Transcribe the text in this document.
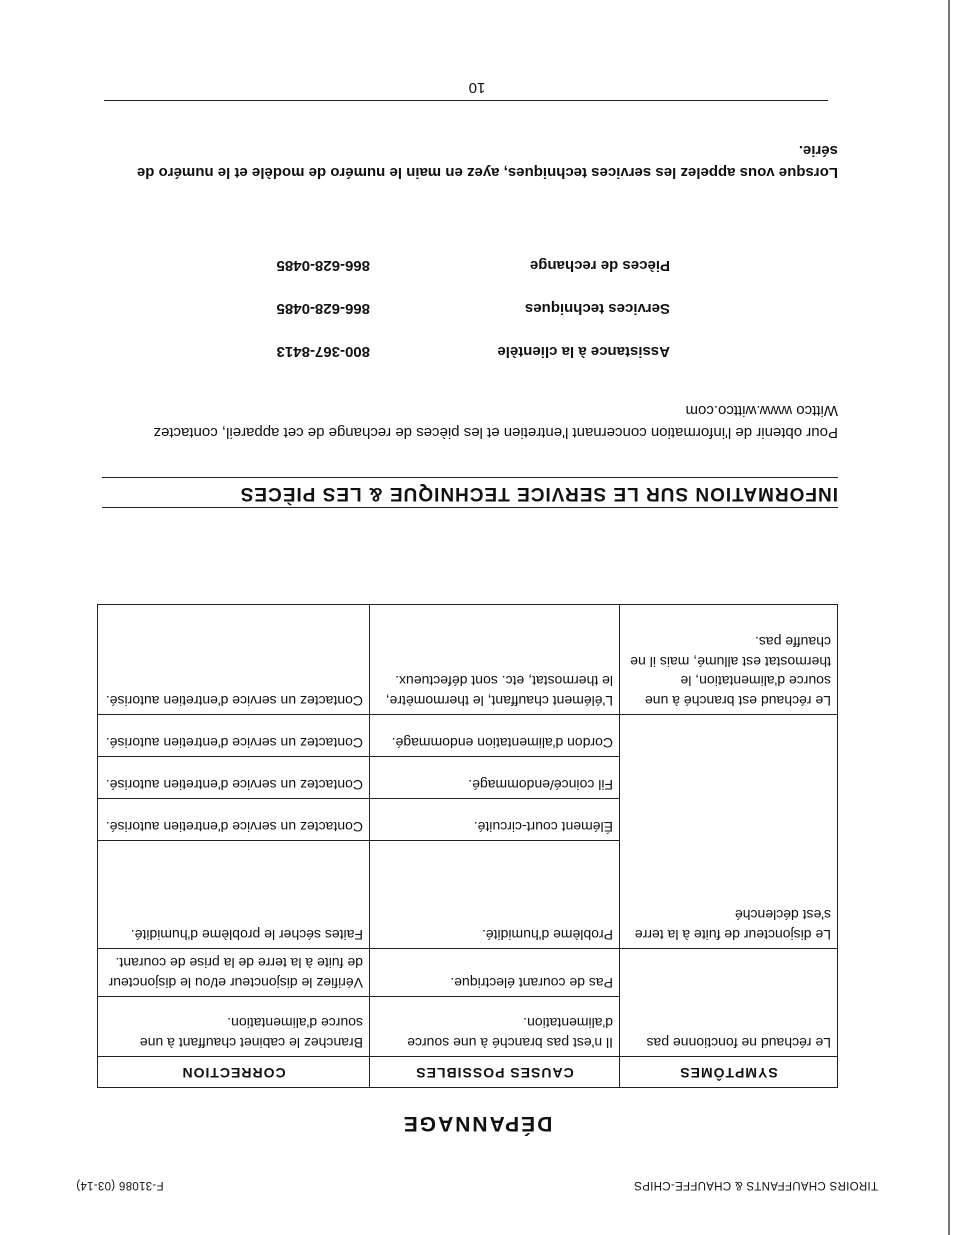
TIROIRS CHAUFFANTS & CHAUFFE-CHIPS
F-31086 (03-14)
DÉPANNAGE
SYMPTÔMES	CAUSES POSSIBLES	CORRECTION
Le réchaud ne fonctionne pas	Il n'est pas branché à une source d'alimentation.	Branchez le cabinet chauffant à une source d'alimentation.
	Pas de courant électrique.	Vérifiez le disjoncteur et/ou le disjoncteur de fuite à la terre de la prise de courant.
Le disjoncteur de fuite à la terre s'est déclenché	Problème d'humidité.	Faites sécher le problème d'humidité.
	Élément court-circuité.	Contactez un service d'entretien autorisé.
	Fil coincé/endommagé.	Contactez un service d'entretien autorisé.
	Cordon d'alimentation endommagé.	Contactez un service d'entretien autorisé.
Le réchaud est branché à une source d'alimentation, le thermostat est allumé, mais il ne chauffe pas.	L'élément chauffant, le thermomètre, le thermostat, etc. sont défectueux.	Contactez un service d'entretien autorisé.
INFORMATION SUR LE SERVICE TECHNIQUE & LES PIÈCES
Pour obtenir de l'information concernant l'entretien et les pièces de rechange de cet appareil, contactez Wittco www.wittco.com
Assistance à la clientèle
800-367-8413
Services techniques
866-628-0485
Pièces de rechange
866-628-0485
Lorsque vous appelez les services techniques, ayez en main le numéro de modèle et le numéro de série.
10
